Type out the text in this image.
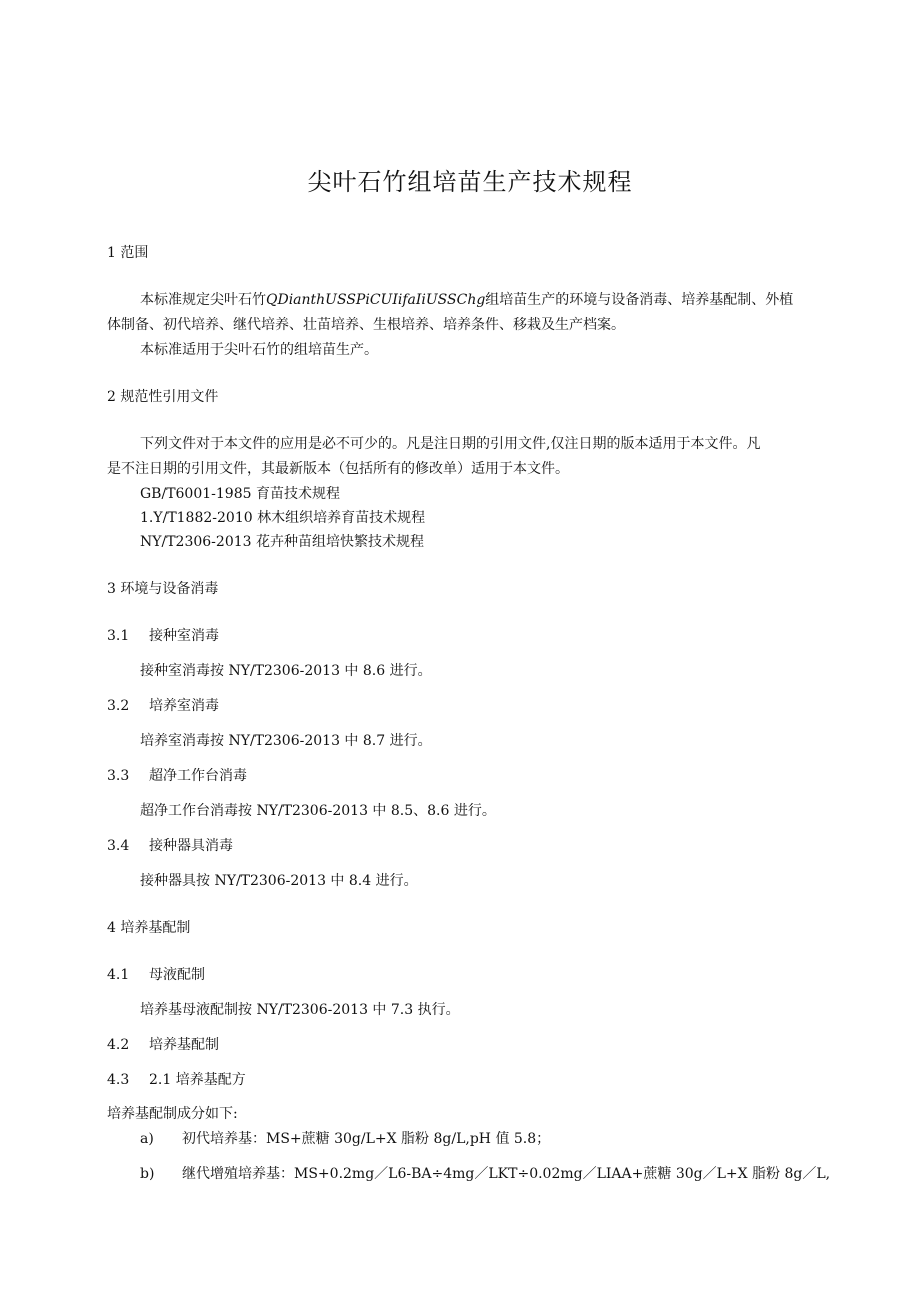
尖叶石竹组培苗生产技术规程
1 范围
本标准规定尖叶石竹QDianthUSSPiCUIifaIiUSSChg组培苗生产的环境与设备消毒、培养基配制、外植
体制备、初代培养、继代培养、壮苗培养、生根培养、培养条件、移栽及生产档案。
本标准适用于尖叶石竹的组培苗生产。
2 规范性引用文件
下列文件对于本文件的应用是必不可少的。凡是注日期的引用文件,仅注日期的版本适用于本文件。凡
是不注日期的引用文件，其最新版本（包括所有的修改单）适用于本文件。
GB/T6001-1985 育苗技术规程
1.Y/T1882-2010 林木组织培养育苗技术规程
NY/T2306-2013 花卉种苗组培快繁技术规程
3 环境与设备消毒
3.1 接种室消毒
接种室消毒按 NY/T2306-2013 中 8.6 进行。
3.2 培养室消毒
培养室消毒按 NY/T2306-2013 中 8.7 进行。
3.3 超净工作台消毒
超净工作台消毒按 NY/T2306-2013 中 8.5、8.6 进行。
3.4 接种器具消毒
接种器具按 NY/T2306-2013 中 8.4 进行。
4 培养基配制
4.1 母液配制
培养基母液配制按 NY/T2306-2013 中 7.3 执行。
4.2 培养基配制
4.3 2.1 培养基配方
培养基配制成分如下:
a) 初代培养基：MS+蔗糖 30g/L+X 脂粉 8g/L,pH 值 5.8；
b) 继代增殖培养基：MS+0.2mg／L6-BA÷4mg／LKT÷0.02mg／LIAA+蔗糖 30g／L+X 脂粉 8g／L,
